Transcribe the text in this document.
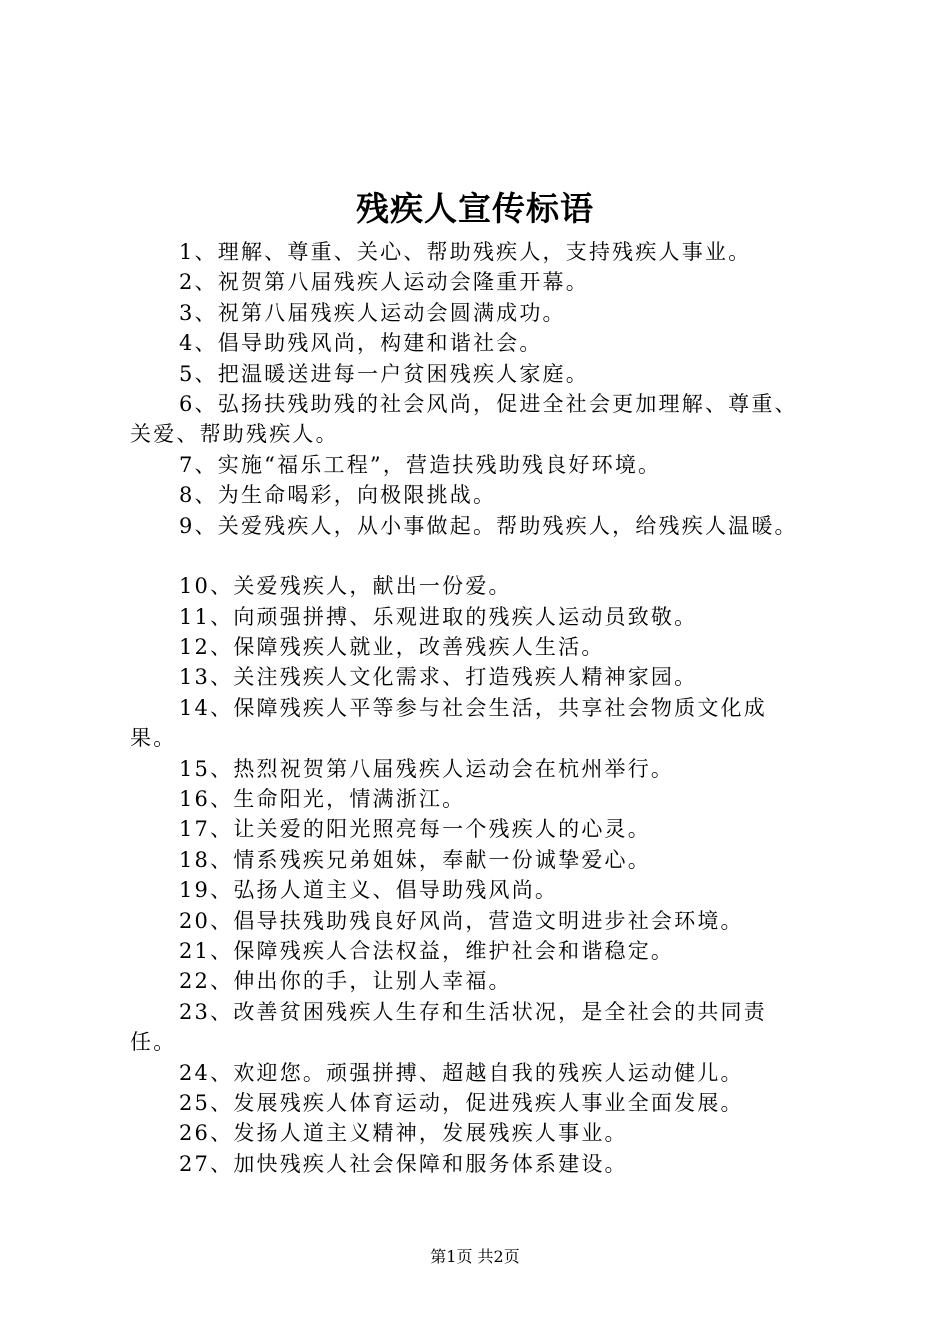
残疾人宣传标语
1、理解、尊重、关心、帮助残疾人，支持残疾人事业。
2、祝贺第八届残疾人运动会隆重开幕。
3、祝第八届残疾人运动会圆满成功。
4、倡导助残风尚，构建和谐社会。
5、把温暖送进每一户贫困残疾人家庭。
6、弘扬扶残助残的社会风尚，促进全社会更加理解、尊重、
关爱、帮助残疾人。
7、实施“福乐工程”，营造扶残助残良好环境。
8、为生命喝彩，向极限挑战。
9、关爱残疾人，从小事做起。帮助残疾人，给残疾人温暖。
10、关爱残疾人，献出一份爱。
11、向顽强拼搏、乐观进取的残疾人运动员致敬。
12、保障残疾人就业，改善残疾人生活。
13、关注残疾人文化需求、打造残疾人精神家园。
14、保障残疾人平等参与社会生活，共享社会物质文化成
果。
15、热烈祝贺第八届残疾人运动会在杭州举行。
16、生命阳光，情满浙江。
17、让关爱的阳光照亮每一个残疾人的心灵。
18、情系残疾兄弟姐妹，奉献一份诚挚爱心。
19、弘扬人道主义、倡导助残风尚。
20、倡导扶残助残良好风尚，营造文明进步社会环境。
21、保障残疾人合法权益，维护社会和谐稳定。
22、伸出你的手，让别人幸福。
23、改善贫困残疾人生存和生活状况，是全社会的共同责
任。
24、欢迎您。顽强拼搏、超越自我的残疾人运动健儿。
25、发展残疾人体育运动，促进残疾人事业全面发展。
26、发扬人道主义精神，发展残疾人事业。
27、加快残疾人社会保障和服务体系建设。
第1页 共2页
